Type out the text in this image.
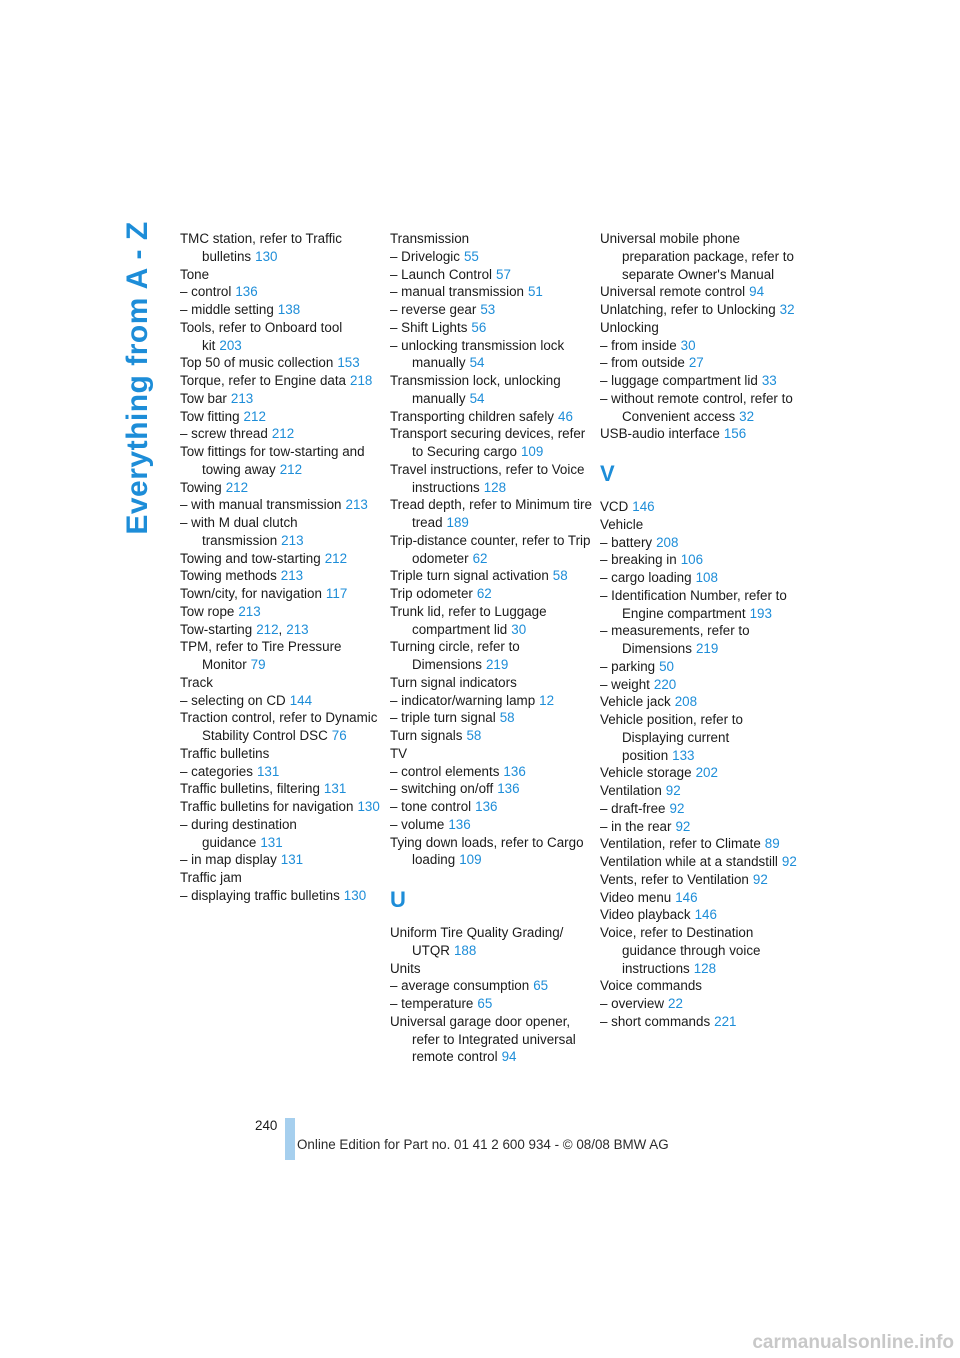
Everything from A - Z TMC station, refer to Traffic bulletins 130
Tone
– control 136
– middle setting 138
Tools, refer to Onboard tool kit 203
Top 50 of music collection 153
Torque, refer to Engine data 218
Tow bar 213
Tow fitting 212
– screw thread 212
Tow fittings for tow-starting and towing away 212
Towing 212
– with manual transmission 213
– with M dual clutch transmission 213
Towing and tow-starting 212
Towing methods 213
Town/city, for navigation 117
Tow rope 213
Tow-starting 212, 213
TPM, refer to Tire Pressure Monitor 79
Track
– selecting on CD 144
Traction control, refer to Dynamic Stability Control DSC 76
Traffic bulletins
– categories 131
Traffic bulletins, filtering 131
Traffic bulletins for navigation 130
– during destination guidance 131
– in map display 131
Traffic jam
– displaying traffic bulletins 130
Transmission
– Drivelogic 55
– Launch Control 57
– manual transmission 51
– reverse gear 53
– Shift Lights 56
– unlocking transmission lock manually 54
Transmission lock, unlocking manually 54
Transporting children safely 46
Transport securing devices, refer to Securing cargo 109
Travel instructions, refer to Voice instructions 128
Tread depth, refer to Minimum tire tread 189
Trip-distance counter, refer to Trip odometer 62
Triple turn signal activation 58
Trip odometer 62
Trunk lid, refer to Luggage compartment lid 30
Turning circle, refer to Dimensions 219
Turn signal indicators
– indicator/warning lamp 12
– triple turn signal 58
Turn signals 58
TV
– control elements 136
– switching on/off 136
– tone control 136
– volume 136
Tying down loads, refer to Cargo loading 109
U
Uniform Tire Quality Grading/ UTQR 188
Units
– average consumption 65
– temperature 65
Universal garage door opener, refer to Integrated universal remote control 94
Universal mobile phone preparation package, refer to separate Owner's Manual
Universal remote control 94
Unlatching, refer to Unlocking 32
Unlocking
– from inside 30
– from outside 27
– luggage compartment lid 33
– without remote control, refer to Convenient access 32
USB-audio interface 156
V
VCD 146
Vehicle
– battery 208
– breaking in 106
– cargo loading 108
– Identification Number, refer to Engine compartment 193
– measurements, refer to Dimensions 219
– parking 50
– weight 220
Vehicle jack 208
Vehicle position, refer to Displaying current position 133
Vehicle storage 202
Ventilation 92
– draft-free 92
– in the rear 92
Ventilation, refer to Climate 89
Ventilation while at a standstill 92
Vents, refer to Ventilation 92
Video menu 146
Video playback 146
Voice, refer to Destination guidance through voice instructions 128
Voice commands
– overview 22
– short commands 221
240
Online Edition for Part no. 01 41 2 600 934 - © 08/08 BMW AG
carmanualsonline.info
